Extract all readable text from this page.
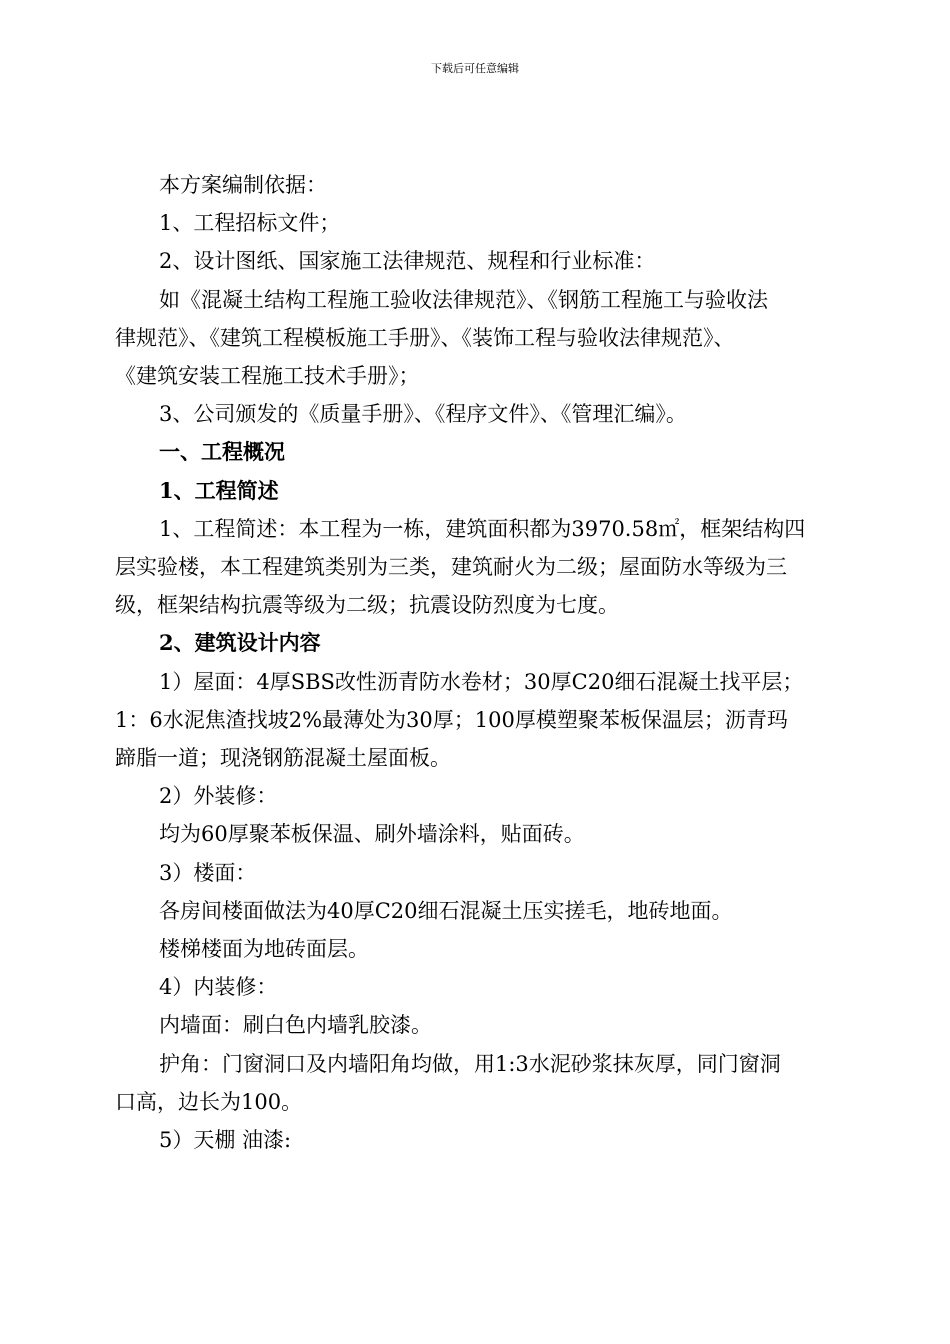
下载后可任意编辑

本方案编制依据：

1、工程招标文件；

2、设计图纸、国家施工法律规范、规程和行业标准：

如《混凝土结构工程施工验收法律规范》、《钢筋工程施工与验收法

律规范》、《建筑工程模板施工手册》、《装饰工程与验收法律规范》、

《建筑安装工程施工技术手册》；

3、公司颁发的《质量手册》、《程序文件》、《管理汇编》。

一、工程概况

1、工程简述

1、工程简述：本工程为一栋，建筑面积都为3970.58㎡，框架结构四

层实验楼，本工程建筑类别为三类，建筑耐火为二级；屋面防水等级为三

级，框架结构抗震等级为二级；抗震设防烈度为七度。

2、建筑设计内容

1）屋面：4厚SBS改性沥青防水卷材；30厚C20细石混凝土找平层；

1：6水泥焦渣找坡2%最薄处为30厚；100厚模塑聚苯板保温层；沥青玛

蹄脂一道；现浇钢筋混凝土屋面板。

2）外装修：

均为60厚聚苯板保温、刷外墙涂料，贴面砖。

3）楼面：

各房间楼面做法为40厚C20细石混凝土压实搓毛，地砖地面。

楼梯楼面为地砖面层。

4）内装修：

内墙面：刷白色内墙乳胶漆。

护角：门窗洞口及内墙阳角均做，用1:3水泥砂浆抹灰厚，同门窗洞

口高，边长为100。

5）天棚 油漆:
